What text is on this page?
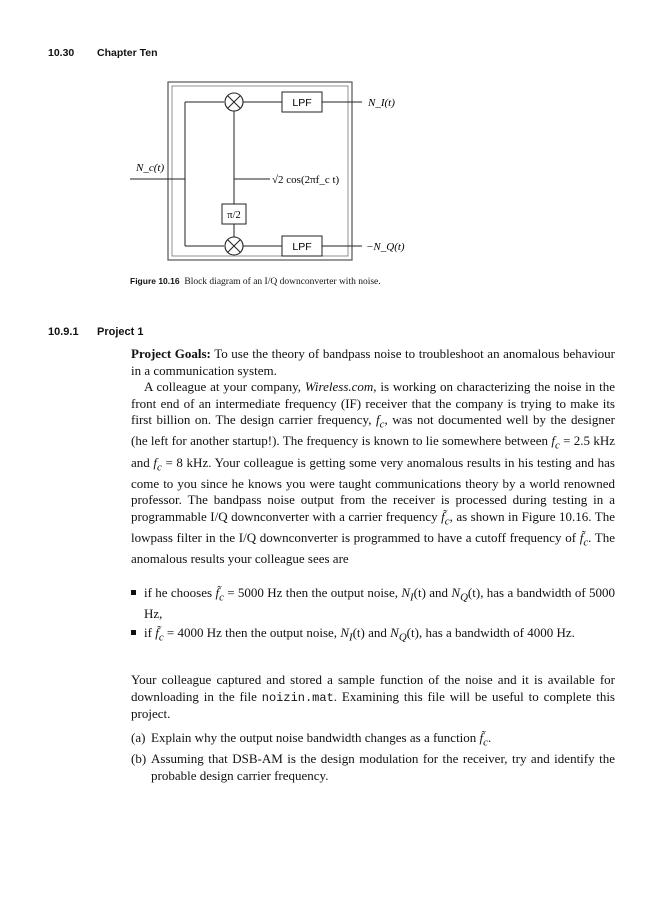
10.30 Chapter Ten
√2 cos(2πf_c t)
π/2
LPF
LPF
N_I(t)
−N_Q(t)
N_c(t)
Figure 10.16 Block diagram of an I/Q downconverter with noise.
10.9.1 Project 1
Project Goals: To use the theory of bandpass noise to troubleshoot an anomalous behaviour in a communication system.
A colleague at your company, Wireless.com, is working on characterizing the noise in the front end of an intermediate frequency (IF) receiver that the company is trying to make its first billion on. The design carrier frequency, $f_c$, was not documented well by the designer (he left for another startup!). The frequency is known to lie somewhere between $f_c = 2.5$ kHz and $f_c = 8$ kHz. Your colleague is getting some very anomalous results in his testing and has come to you since he knows you were taught communications theory by a world renowned professor. The bandpass noise output from the receiver is processed during testing in a programmable I/Q downconverter with a carrier frequency $f̃_c$, as shown in Figure 10.16. The lowpass filter in the I/Q downconverter is programmed to have a cutoff frequency of $f̃_c$. The anomalous results your colleague sees are
if he chooses $f̃_c = 5000$ Hz then the output noise, $N_I(t)$ and $N_Q(t)$, has a bandwidth of 5000 Hz,
if $f̃_c = 4000$ Hz then the output noise, $N_I(t)$ and $N_Q(t)$, has a bandwidth of 4000 Hz.
Your colleague captured and stored a sample function of the noise and it is available for downloading in the file noizin.mat. Examining this file will be useful to complete this project.
(a) Explain why the output noise bandwidth changes as a function $f̃_c$.
(b) Assuming that DSB-AM is the design modulation for the receiver, try and identify the probable design carrier frequency.
